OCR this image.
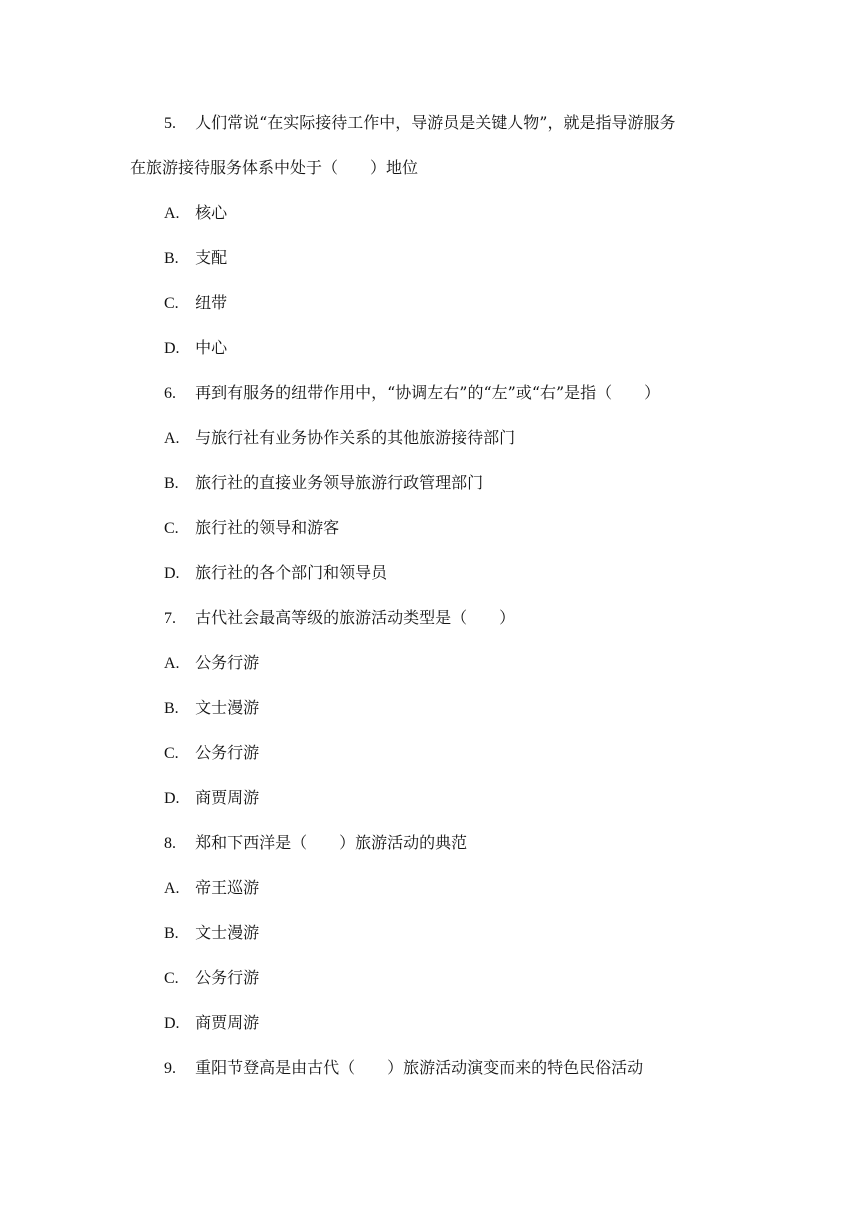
5. 人们常说“在实际接待工作中，导游员是关键人物”，就是指导游服务
在旅游接待服务体系中处于（　　）地位
A. 核心
B. 支配
C. 纽带
D. 中心
6. 再到有服务的纽带作用中，“协调左右”的“左”或“右”是指（　　）
A. 与旅行社有业务协作关系的其他旅游接待部门
B. 旅行社的直接业务领导旅游行政管理部门
C. 旅行社的领导和游客
D. 旅行社的各个部门和领导员
7. 古代社会最高等级的旅游活动类型是（　　）
A. 公务行游
B. 文士漫游
C. 公务行游
D. 商贾周游
8. 郑和下西洋是（　　）旅游活动的典范
A. 帝王巡游
B. 文士漫游
C. 公务行游
D. 商贾周游
9. 重阳节登高是由古代（　　）旅游活动演变而来的特色民俗活动
